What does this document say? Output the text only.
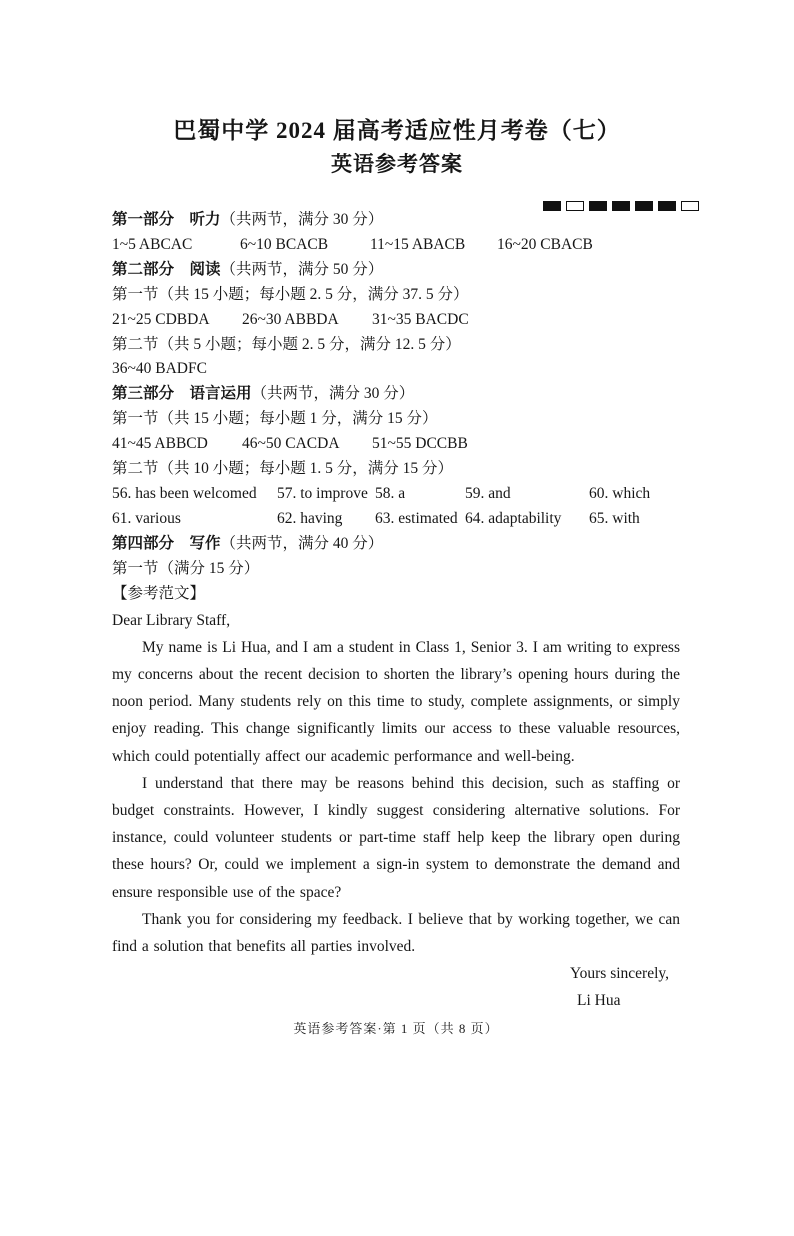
巴蜀中学 2024 届高考适应性月考卷（七）
英语参考答案
第一部分　听力（共两节，满分 30 分）
1~5 ABCAC	6~10 BCACB	11~15 ABACB	16~20 CBACB
第二部分　阅读（共两节，满分 50 分）
第一节（共 15 小题；每小题 2. 5 分，满分 37. 5 分）
21~25 CDBDA	26~30 ABBDA	31~35 BACDC
第二节（共 5 小题；每小题 2. 5 分，满分 12. 5 分）
36~40 BADFC
第三部分　语言运用（共两节，满分 30 分）
第一节（共 15 小题；每小题 1 分，满分 15 分）
41~45 ABBCD	46~50 CACDA	51~55 DCCBB
第二节（共 10 小题；每小题 1. 5 分，满分 15 分）
56. has been welcomed	57. to improve 58. a	59. and	60. which
61. various	62. having	63. estimated 64. adaptability	65. with
第四部分　写作（共两节，满分 40 分）
第一节（满分 15 分）
【参考范文】
Dear Library Staff,

My name is Li Hua, and I am a student in Class 1, Senior 3. I am writing to express my concerns about the recent decision to shorten the library’s opening hours during the noon period. Many students rely on this time to study, complete assignments, or simply enjoy reading. This change significantly limits our access to these valuable resources, which could potentially affect our academic performance and well-being.

I understand that there may be reasons behind this decision, such as staffing or budget constraints. However, I kindly suggest considering alternative solutions. For instance, could volunteer students or part-time staff help keep the library open during these hours? Or, could we implement a sign-in system to demonstrate the demand and ensure responsible use of the space?

Thank you for considering my feedback. I believe that by working together, we can find a solution that benefits all parties involved.

Yours sincerely,
Li Hua
英语参考答案·第 1 页（共 8 页）
